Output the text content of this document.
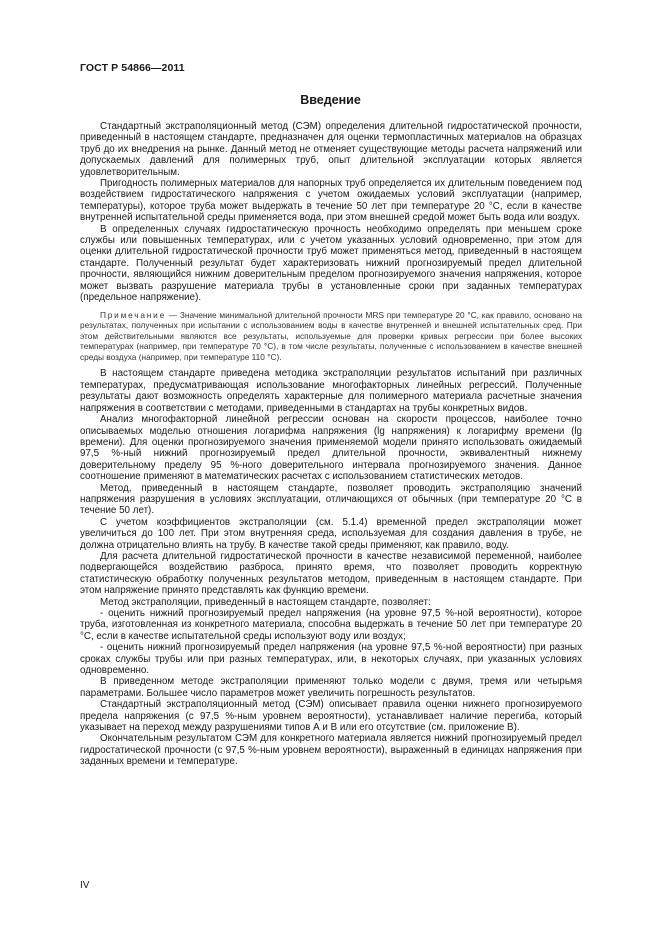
ГОСТ Р 54866—2011
Введение

Стандартный экстраполяционный метод (СЭМ) определения длительной гидростатической прочности, приведенный в настоящем стандарте, предназначен для оценки термопластичных материалов на образцах труб до их внедрения на рынке. Данный метод не отменяет существующие методы расчета напряжений или допускаемых давлений для полимерных труб, опыт длительной эксплуатации которых является удовлетворительным.

Пригодность полимерных материалов для напорных труб определяется их длительным поведением под воздействием гидростатического напряжения с учетом ожидаемых условий эксплуатации (например, температуры), которое труба может выдержать в течение 50 лет при температуре 20 °С, если в качестве внутренней испытательной среды применяется вода, при этом внешней средой может быть вода или воздух.

В определенных случаях гидростатическую прочность необходимо определять при меньшем сроке службы или повышенных температурах, или с учетом указанных условий одновременно, при этом для оценки длительной гидростатической прочности труб может применяться метод, приведенный в настоящем стандарте. Полученный результат будет характеризовать нижний прогнозируемый предел длительной прочности, являющийся нижним доверительным пределом прогнозируемого значения напряжения, которое может вызвать разрушение материала трубы в установленные сроки при заданных температурах (предельное напряжение).

Примечание — Значение минимальной длительной прочности MRS при температуре 20 °С, как правило, основано на результатах, полученных при испытании с использованием воды в качестве внутренней и внешней испытательных сред. При этом действительными являются все результаты, используемые для проверки кривых регрессии при более высоких температурах (например, при температуре 70 °С), в том числе результаты, полученные с использованием в качестве внешней среды воздуха (например, при температуре 110 °С).

В настоящем стандарте приведена методика экстраполяции результатов испытаний при различных температурах, предусматривающая использование многофакторных линейных регрессий. Полученные результаты дают возможность определять характерные для полимерного материала расчетные значения напряжения в соответствии с методами, приведенными в стандартах на трубы конкретных видов.

Анализ многофакторной линейной регрессии основан на скорости процессов, наиболее точно описываемых моделью отношения логарифма напряжения (lg напряжения) к логарифму времени (lg времени). Для оценки прогнозируемого значения применяемой модели принято использовать ожидаемый 97,5 %-ный нижний прогнозируемый предел длительной прочности, эквивалентный нижнему доверительному пределу 95 %-ного доверительного интервала прогнозируемого значения. Данное соотношение применяют в математических расчетах с использованием статистических методов.

Метод, приведенный в настоящем стандарте, позволяет проводить экстраполяцию значений напряжения разрушения в условиях эксплуатации, отличающихся от обычных (при температуре 20 °С в течение 50 лет).

С учетом коэффициентов экстраполяции (см. 5.1.4) временной предел экстраполяции может увеличиться до 100 лет. При этом внутренняя среда, используемая для создания давления в трубе, не должна отрицательно влиять на трубу. В качестве такой среды применяют, как правило, воду.

Для расчета длительной гидростатической прочности в качестве независимой переменной, наиболее подвергающейся воздействию разброса, принято время, что позволяет проводить корректную статистическую обработку полученных результатов методом, приведенным в настоящем стандарте. При этом напряжение принято представлять как функцию времени.

Метод экстраполяции, приведенный в настоящем стандарте, позволяет:

- оценить нижний прогнозируемый предел напряжения (на уровне 97,5 %-ной вероятности), которое труба, изготовленная из конкретного материала, способна выдержать в течение 50 лет при температуре 20 °С, если в качестве испытательной среды используют воду или воздух;

- оценить нижний прогнозируемый предел напряжения (на уровне 97,5 %-ной вероятности) при разных сроках службы трубы или при разных температурах, или, в некоторых случаях, при указанных условиях одновременно.

В приведенном методе экстраполяции применяют только модели с двумя, тремя или четырьмя параметрами. Большее число параметров может увеличить погрешность результатов.

Стандартный экстраполяционный метод (СЭМ) описывает правила оценки нижнего прогнозируемого предела напряжения (с 97,5 %-ным уровнем вероятности), устанавливает наличие перегиба, который указывает на переход между разрушениями типов А и В или его отсутствие (см. приложение В).

Окончательным результатом СЭМ для конкретного материала является нижний прогнозируемый предел гидростатической прочности (с 97,5 %-ным уровнем вероятности), выраженный в единицах напряжения при заданных времени и температуре.

IV
